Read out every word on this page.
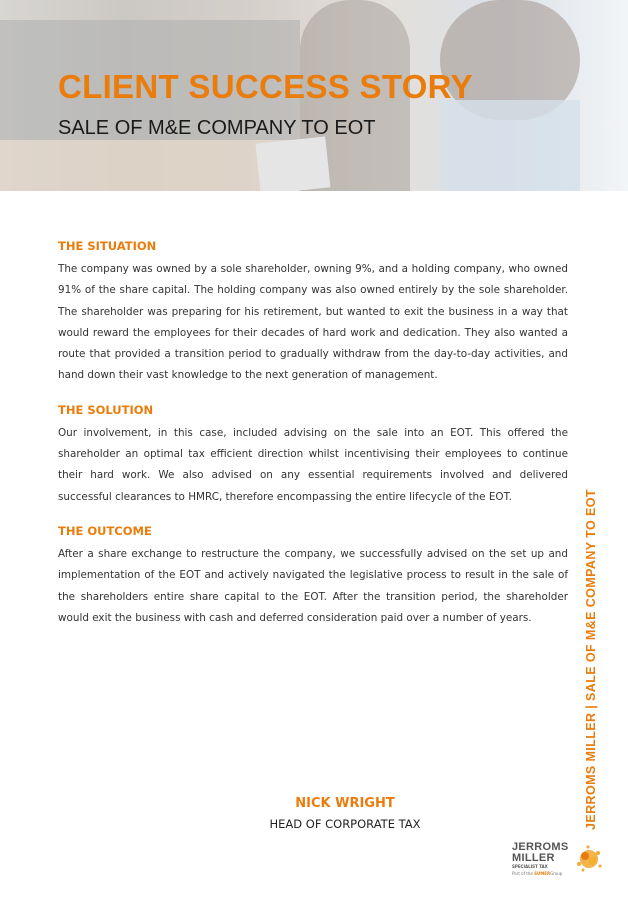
CLIENT SUCCESS STORY
SALE OF M&E COMPANY TO EOT
THE SITUATION

The company was owned by a sole shareholder, owning 9%, and a holding company, who owned 91% of the share capital. The holding company was also owned entirely by the sole shareholder. The shareholder was preparing for his retirement, but wanted to exit the business in a way that would reward the employees for their decades of hard work and dedication. They also wanted a route that provided a transition period to gradually withdraw from the day-to-day activities, and hand down their vast knowledge to the next generation of management.

THE SOLUTION

Our involvement, in this case, included advising on the sale into an EOT. This offered the shareholder an optimal tax efficient direction whilst incentivising their employees to continue their hard work. We also advised on any essential requirements involved and delivered successful clearances to HMRC, therefore encompassing the entire lifecycle of the EOT.

THE OUTCOME

After a share exchange to restructure the company, we successfully advised on the set up and implementation of the EOT and actively navigated the legislative process to result in the sale of the shareholders entire share capital to the EOT. After the transition period, the shareholder would exit the business with cash and deferred consideration paid over a number of years.

NICK WRIGHT
HEAD OF CORPORATE TAX	JERROMS MILLER | SALE OF M&E COMPANY TO EOT
JERROMS
MILLER
SPECIALIST TAX
Part of the SUMERGroup
